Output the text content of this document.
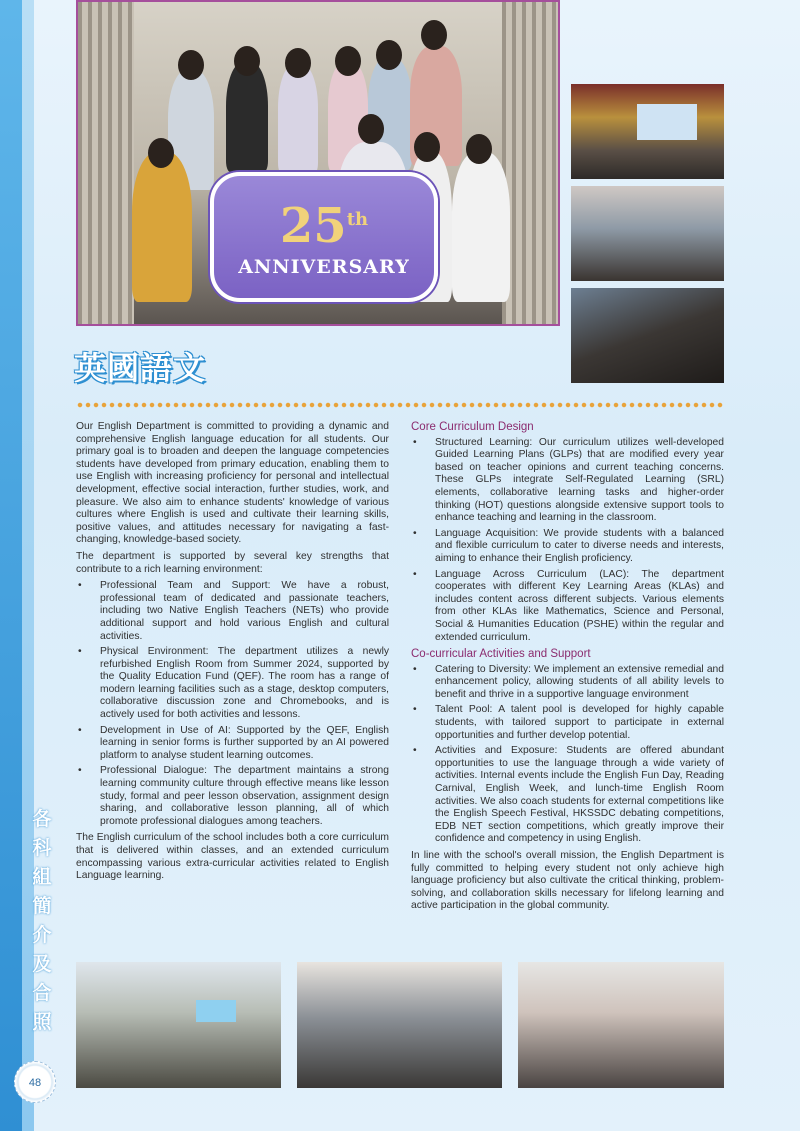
25th
ANNIVERSARY
英國語文

Our English Department is committed to providing a dynamic and comprehensive English language education for all students. Our primary goal is to broaden and deepen the language competencies students have developed from primary education, enabling them to use English with increasing proficiency for personal and intellectual development, effective social interaction, further studies, work, and pleasure. We also aim to enhance students' knowledge of various cultures where English is used and cultivate their learning skills, positive values, and attitudes necessary for navigating a fast-changing, knowledge-based society.

The department is supported by several key strengths that contribute to a rich learning environment:

• Professional Team and Support: We have a robust, professional team of dedicated and passionate teachers, including two Native English Teachers (NETs) who provide additional support and hold various English and cultural activities.
• Physical Environment: The department utilizes a newly refurbished English Room from Summer 2024, supported by the Quality Education Fund (QEF). The room has a range of modern learning facilities such as a stage, desktop computers, collaborative discussion zone and Chromebooks, and is actively used for both activities and lessons.
• Development in Use of AI: Supported by the QEF, English learning in senior forms is further supported by an AI powered platform to analyse student learning outcomes.
• Professional Dialogue: The department maintains a strong learning community culture through effective means like lesson study, formal and peer lesson observation, assignment design sharing, and collaborative lesson planning, all of which promote professional dialogues among teachers.

The English curriculum of the school includes both a core curriculum that is delivered within classes, and an extended curriculum encompassing various extra-curricular activities related to English Language learning.

Core Curriculum Design
• Structured Learning: Our curriculum utilizes well-developed Guided Learning Plans (GLPs) that are modified every year based on teacher opinions and current teaching concerns. These GLPs integrate Self-Regulated Learning (SRL) elements, collaborative learning tasks and higher-order thinking (HOT) questions alongside extensive support tools to enhance teaching and learning in the classroom.
• Language Acquisition: We provide students with a balanced and flexible curriculum to cater to diverse needs and interests, aiming to enhance their English proficiency.
• Language Across Curriculum (LAC): The department cooperates with different Key Learning Areas (KLAs) and includes content across different subjects. Various elements from other KLAs like Mathematics, Science and Personal, Social & Humanities Education (PSHE) within the regular and extended curriculum.
Co-curricular Activities and Support
• Catering to Diversity: We implement an extensive remedial and enhancement policy, allowing students of all ability levels to benefit and thrive in a supportive language environment
• Talent Pool: A talent pool is developed for highly capable students, with tailored support to participate in external opportunities and further develop potential.
• Activities and Exposure: Students are offered abundant opportunities to use the language through a wide variety of activities. Internal events include the English Fun Day, Reading Carnival, English Week, and lunch-time English Room activities. We also coach students for external competitions like the English Speech Festival, HKSSDC debating competitions, EDB NET section competitions, which greatly improve their confidence and competency in using English.

In line with the school's overall mission, the English Department is fully committed to helping every student not only achieve high language proficiency but also cultivate the critical thinking, problem-solving, and collaboration skills necessary for lifelong learning and active participation in the global community.

各科組簡介及合照
48
